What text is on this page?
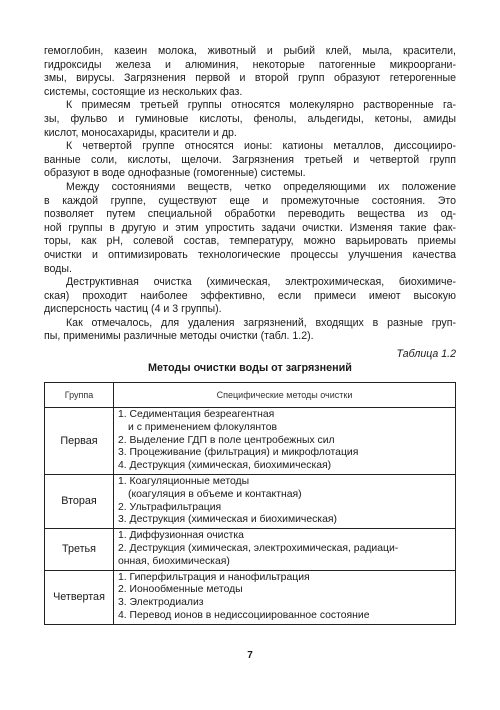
гемоглобин, казеин молока, животный и рыбий клей, мыла, красители,
гидроксиды железа и алюминия, некоторые патогенные микрооргани-
змы, вирусы. Загрязнения первой и второй групп образуют гетерогенные
системы, состоящие из нескольких фаз.
К примесям третьей группы относятся молекулярно растворенные га-
зы, фульво и гуминовые кислоты, фенолы, альдегиды, кетоны, амиды
кислот, моносахариды, красители и др.
К четвертой группе относятся ионы: катионы металлов, диссоцииро-
ванные соли, кислоты, щелочи. Загрязнения третьей и четвертой групп
образуют в воде однофазные (гомогенные) системы.
Между состояниями веществ, четко определяющими их положение
в каждой группе, существуют еще и промежуточные состояния. Это
позволяет путем специальной обработки переводить вещества из од-
ной группы в другую и этим упростить задачи очистки. Изменяя такие фак-
торы, как pH, солевой состав, температуру, можно варьировать приемы
очистки и оптимизировать технологические процессы улучшения качества
воды.
Деструктивная очистка (химическая, электрохимическая, биохимиче-
ская) проходит наиболее эффективно, если примеси имеют высокую
дисперсность частиц (4 и 3 группы).
Как отмечалось, для удаления загрязнений, входящих в разные груп-
пы, применимы различные методы очистки (табл. 1.2).
Таблица 1.2
Методы очистки воды от загрязнений
Группа	Специфические методы очистки
Первая	1. Седиментация безреагентная
и с применением флокулянтов
2. Выделение ГДП в поле центробежных сил
3. Процеживание (фильтрация) и микрофлотация
4. Деструкция (химическая, биохимическая)

Вторая	1. Коагуляционные методы
(коагуляция в объеме и контактная)
2. Ультрафильтрация
3. Деструкция (химическая и биохимическая)

Третья	1. Диффузионная очистка
2. Деструкция (химическая, электрохимическая, радиаци-
онная, биохимическая)

Четвертая	1. Гиперфильтрация и нанофильтрация
2. Ионообменные методы
3. Электродиализ
4. Перевод ионов в недиссоциированное состояние
7
